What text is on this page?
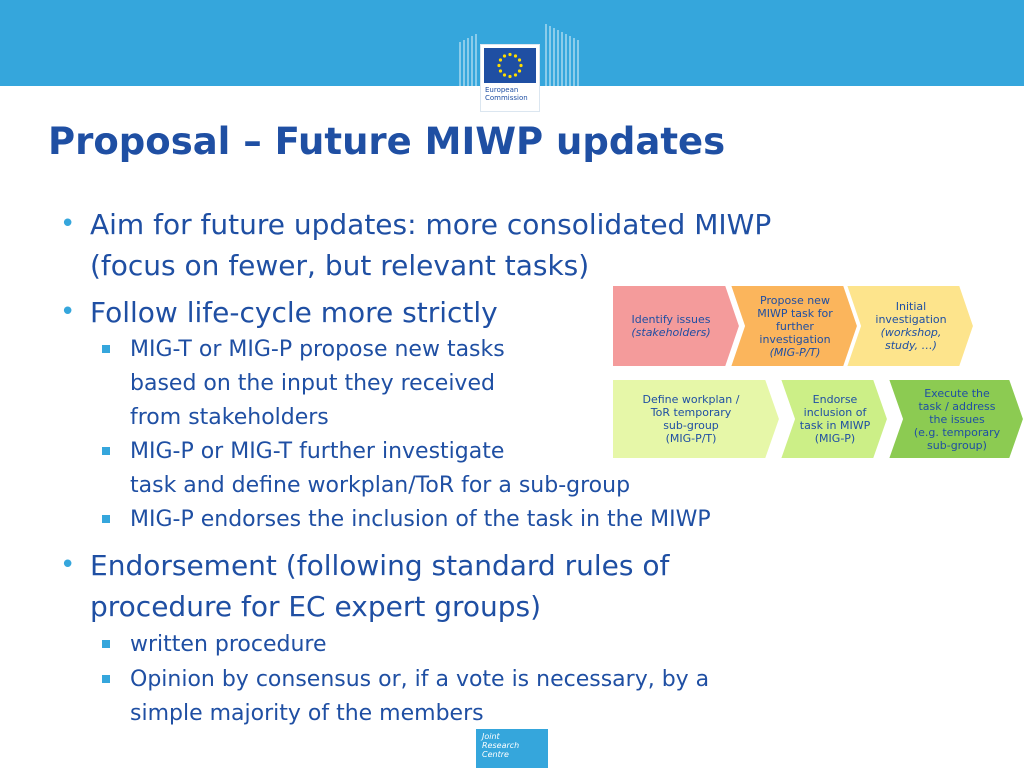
European
Commission
Proposal – Future MIWP updates
• Aim for future updates: more consolidated MIWP

(focus on fewer, but relevant tasks)

• Follow life-cycle more strictly

MIG-T or MIG-P propose new tasks

based on the input they received

from stakeholders

MIG-P or MIG-T further investigate

task and define workplan/ToR for a sub-group

MIG-P endorses the inclusion of the task in the MIWP

• Endorsement (following standard rules of

procedure for EC expert groups)

written procedure

Opinion by consensus or, if a vote is necessary, by a

simple majority of the members

Identify issues
(stakeholders)
Propose new
MIWP task for
further
investigation
(MIG-P/T)
Initial
investigation
(workshop,
study, …)
Define workplan /
ToR temporary
sub-group
(MIG-P/T)
Endorse
inclusion of
task in MIWP
(MIG-P)
Execute the
task / address
the issues
(e.g. temporary
sub-group)
Joint
Research
Centre
